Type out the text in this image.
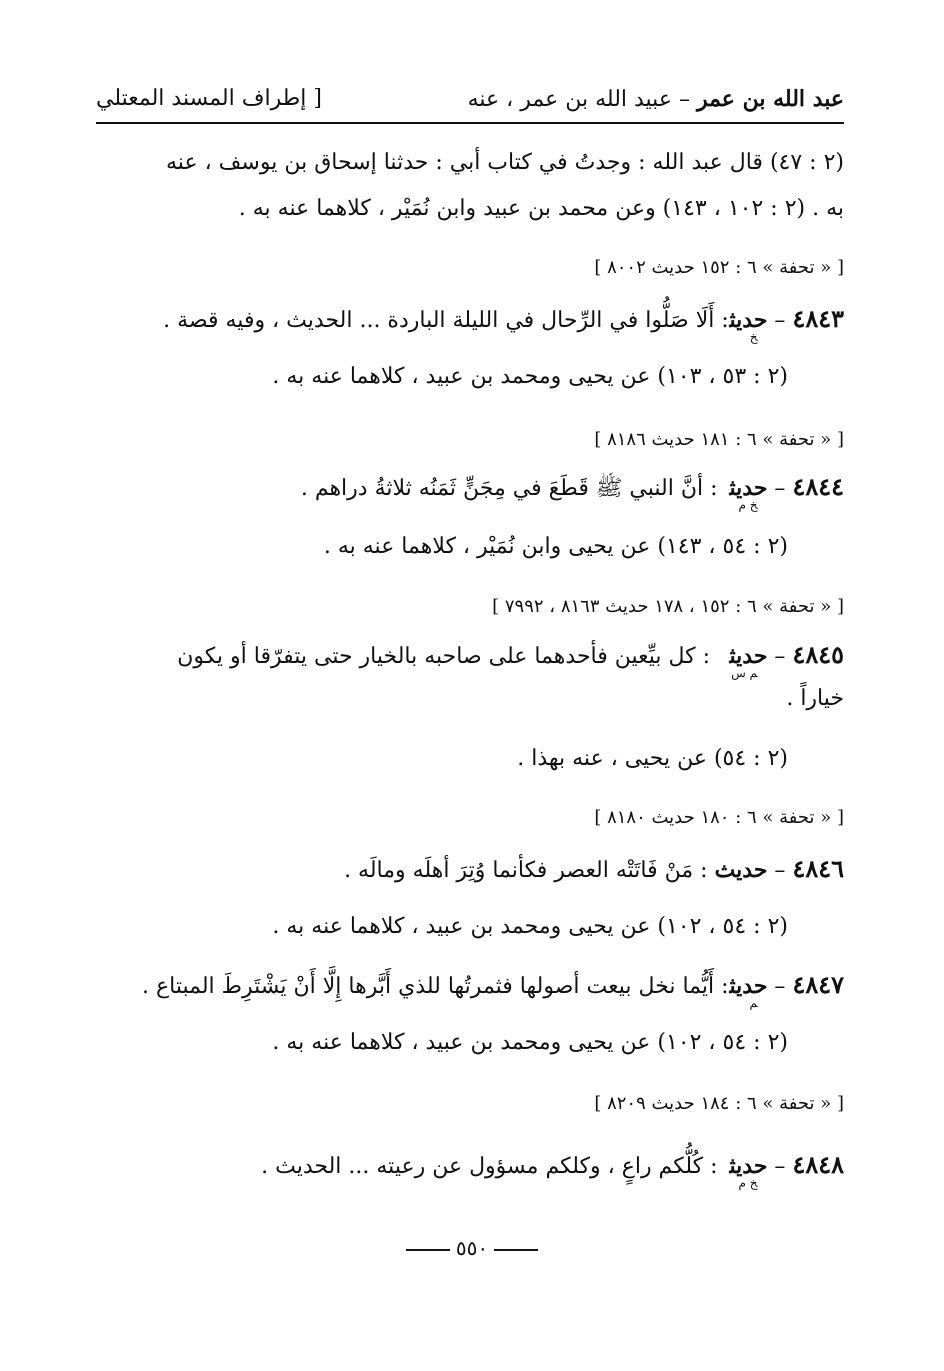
عبد الله بن عمر – عبيد الله بن عمر ، عنه
[ إطراف المسند المعتلي
(٢ : ٤٧) قال عبد الله : وجدتُ في كتاب أبي : حدثنا إسحاق بن يوسف ، عنه
به . (٢ : ١٠٢ ، ١٤٣) وعن محمد بن عبيد وابن نُمَيْر ، كلاهما عنه به .
[ « تحفة » ٦ : ١٥٢ حديث ٨٠٠٢ ]
٤٨٤٣ – حديث$_خ$ : أَلَا صَلُّوا في الرِّحال في الليلة الباردة ... الحديث ، وفيه قصة .
(٢ : ٥٣ ، ١٠٣) عن يحيى ومحمد بن عبيد ، كلاهما عنه به .
[ « تحفة » ٦ : ١٨١ حديث ٨١٨٦ ]
٤٨٤٤ – حديث$_{خ م}$ : أنَّ النبي ﷺ قَطَعَ في مِجَنٍّ ثَمَنُه ثلاثةُ دراهم .
(٢ : ٥٤ ، ١٤٣) عن يحيى وابن نُمَيْر ، كلاهما عنه به .
[ « تحفة » ٦ : ١٥٢ ، ١٧٨ حديث ٨١٦٣ ، ٧٩٩٢ ]
٤٨٤٥ – حديث$_{م س}$ : كل بيِّعين فأحدهما على صاحبه بالخيار حتى يتفرّقا أو يكون
خياراً .
(٢ : ٥٤) عن يحيى ، عنه بهذا .
[ « تحفة » ٦ : ١٨٠ حديث ٨١٨٠ ]
٤٨٤٦ – حديث : مَنْ فَاتَتْه العصر فكأنما وُتِرَ أهلَه ومالَه .
(٢ : ٥٤ ، ١٠٢) عن يحيى ومحمد بن عبيد ، كلاهما عنه به .
٤٨٤٧ – حديث$_م$ : أَيُّما نخل بيعت أصولها فثمرتُها للذي أَبَّرها إِلَّا أَنْ يَشْتَرِطَ المبتاع .
(٢ : ٥٤ ، ١٠٢) عن يحيى ومحمد بن عبيد ، كلاهما عنه به .
[ « تحفة » ٦ : ١٨٤ حديث ٨٢٠٩ ]
٤٨٤٨ – حديث$_{خ م}$ : كُلُّكم راعٍ ، وكلكم مسؤول عن رعيته ... الحديث .
٥٥٠
